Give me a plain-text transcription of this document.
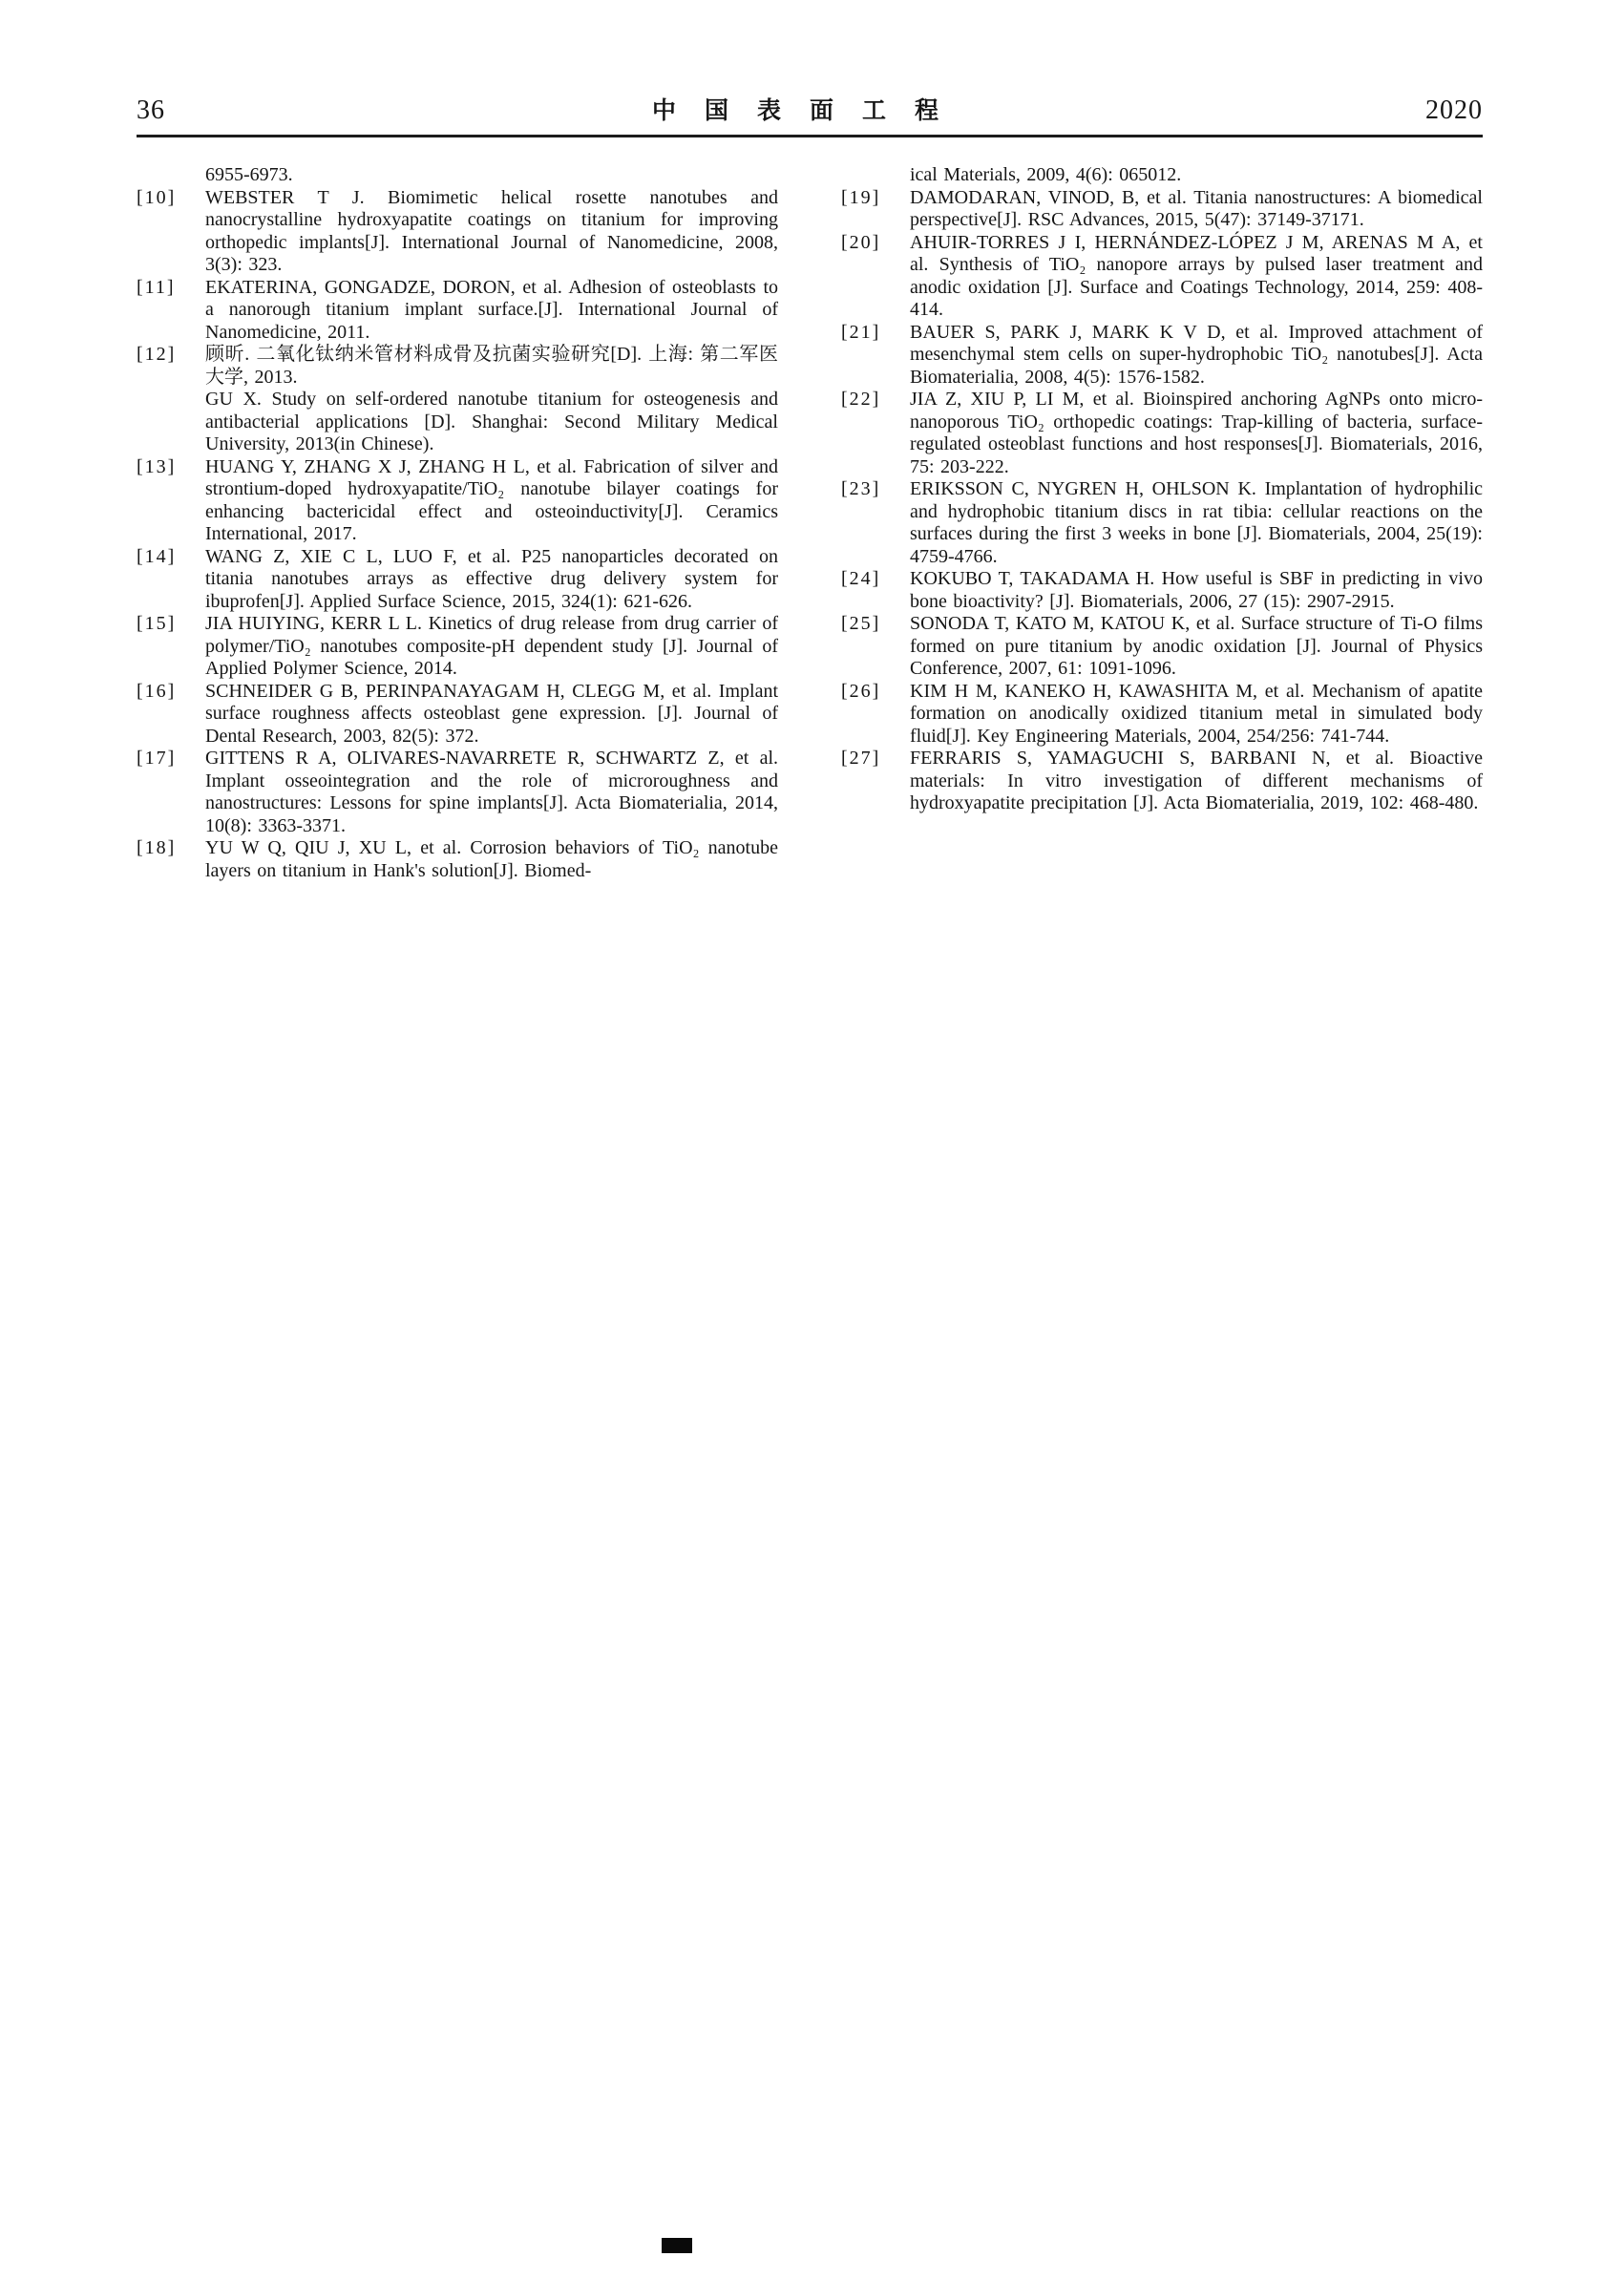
36	中国表面工程	2020
6955-6973.
[10]	WEBSTER T J. Biomimetic helical rosette nanotubes and nanocrystalline hydroxyapatite coatings on titanium for improving orthopedic implants[J]. International Journal of Nanomedicine, 2008, 3(3): 323.
[11]	EKATERINA, GONGADZE, DORON, et al. Adhesion of osteoblasts to a nanorough titanium implant surface.[J]. International Journal of Nanomedicine, 2011.
[12]	顾昕. 二氧化钛纳米管材料成骨及抗菌实验研究[D]. 上海: 第二军医大学, 2013.
GU X. Study on self-ordered nanotube titanium for osteogenesis and antibacterial applications [D]. Shanghai: Second Military Medical University, 2013(in Chinese).
[13]	HUANG Y, ZHANG X J, ZHANG H L, et al. Fabrication of silver and strontium-doped hydroxyapatite/TiO₂ nanotube bilayer coatings for enhancing bactericidal effect and osteoinductivity[J]. Ceramics International, 2017.
[14]	WANG Z, XIE C L, LUO F, et al. P25 nanoparticles decorated on titania nanotubes arrays as effective drug delivery system for ibuprofen[J]. Applied Surface Science, 2015, 324(1): 621-626.
[15]	JIA HUIYING, KERR L L. Kinetics of drug release from drug carrier of polymer/TiO₂ nanotubes composite-pH dependent study [J]. Journal of Applied Polymer Science, 2014.
[16]	SCHNEIDER G B, PERINPANAYAGAM H, CLEGG M, et al. Implant surface roughness affects osteoblast gene expression. [J]. Journal of Dental Research, 2003, 82(5): 372.
[17]	GITTENS R A, OLIVARES-NAVARRETE R, SCHWARTZ Z, et al. Implant osseointegration and the role of microroughness and nanostructures: Lessons for spine implants[J]. Acta Biomaterialia, 2014, 10(8): 3363-3371.
[18]	YU W Q, QIU J, XU L, et al. Corrosion behaviors of TiO₂ nanotube layers on titanium in Hank's solution[J]. Biomed-
ical Materials, 2009, 4(6): 065012.
[19]	DAMODARAN, VINOD, B, et al. Titania nanostructures: A biomedical perspective[J]. RSC Advances, 2015, 5(47): 37149-37171.
[20]	AHUIR-TORRES J I, HERNÁNDEZ-LÓPEZ J M, ARENAS M A, et al. Synthesis of TiO₂ nanopore arrays by pulsed laser treatment and anodic oxidation [J]. Surface and Coatings Technology, 2014, 259: 408-414.
[21]	BAUER S, PARK J, MARK K V D, et al. Improved attachment of mesenchymal stem cells on super-hydrophobic TiO₂ nanotubes[J]. Acta Biomaterialia, 2008, 4(5): 1576-1582.
[22]	JIA Z, XIU P, LI M, et al. Bioinspired anchoring AgNPs onto micro-nanoporous TiO₂ orthopedic coatings: Trap-killing of bacteria, surface-regulated osteoblast functions and host responses[J]. Biomaterials, 2016, 75: 203-222.
[23]	ERIKSSON C, NYGREN H, OHLSON K. Implantation of hydrophilic and hydrophobic titanium discs in rat tibia: cellular reactions on the surfaces during the first 3 weeks in bone [J]. Biomaterials, 2004, 25(19): 4759-4766.
[24]	KOKUBO T, TAKADAMA H. How useful is SBF in predicting in vivo bone bioactivity? [J]. Biomaterials, 2006, 27 (15): 2907-2915.
[25]	SONODA T, KATO M, KATOU K, et al. Surface structure of Ti-O films formed on pure titanium by anodic oxidation [J]. Journal of Physics Conference, 2007, 61: 1091-1096.
[26]	KIM H M, KANEKO H, KAWASHITA M, et al. Mechanism of apatite formation on anodically oxidized titanium metal in simulated body fluid[J]. Key Engineering Materials, 2004, 254/256: 741-744.
[27]	FERRARIS S, YAMAGUCHI S, BARBANI N, et al. Bioactive materials: In vitro investigation of different mechanisms of hydroxyapatite precipitation [J]. Acta Biomaterialia, 2019, 102: 468-480.
